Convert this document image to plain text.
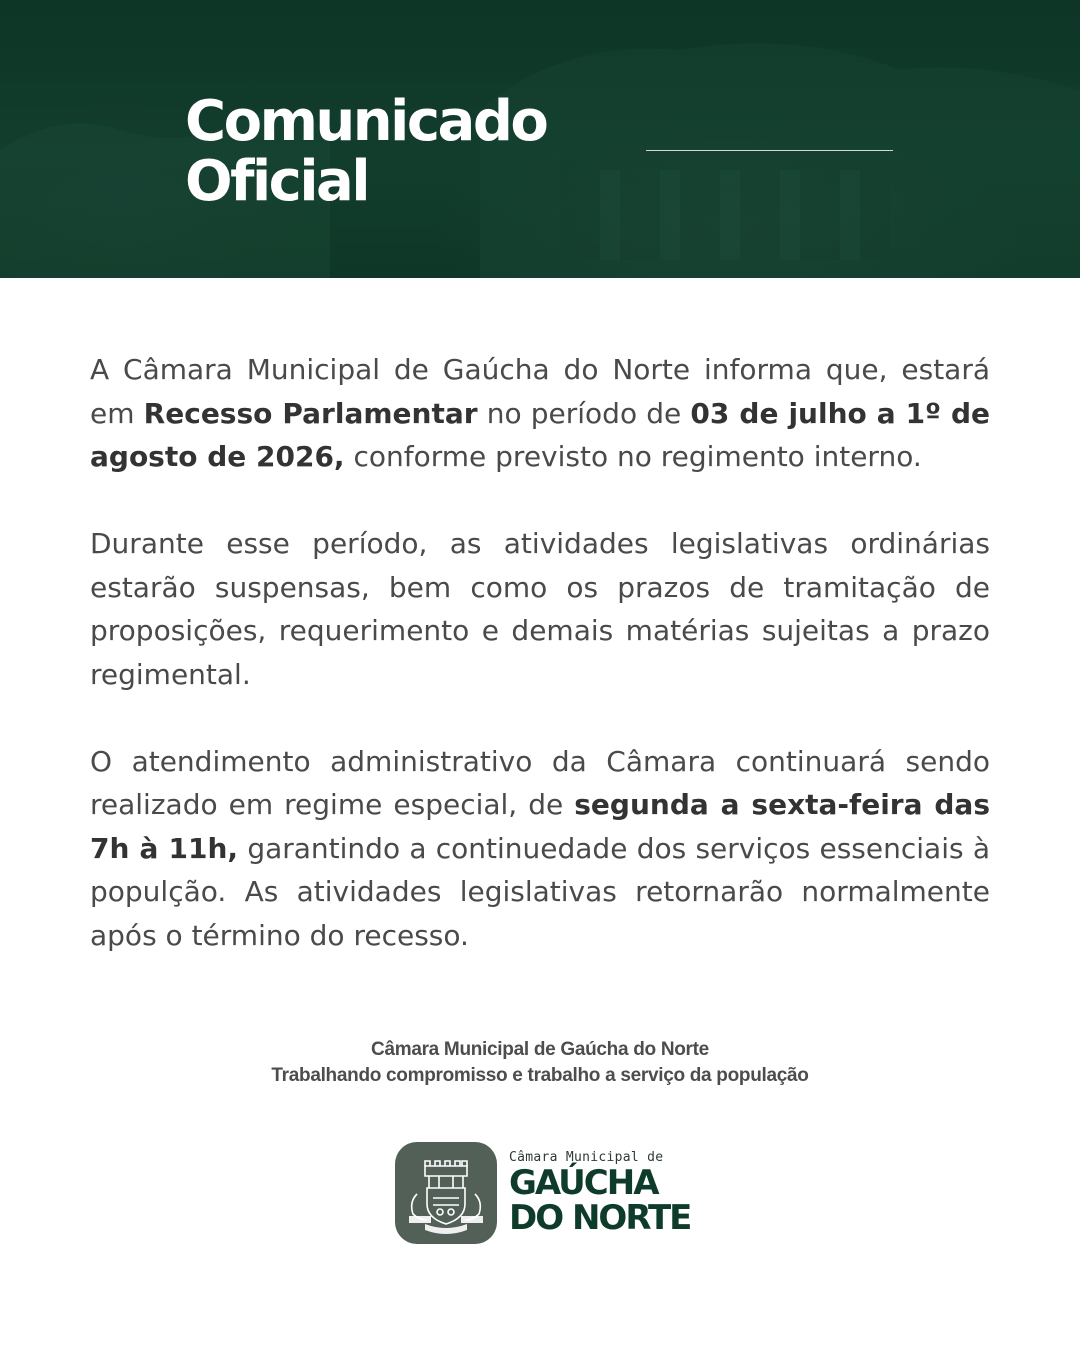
Comunicado
Oficial

A Câmara Municipal de Gaúcha do Norte informa que, estará em Recesso Parlamentar no período de 03 de julho a 1º de agosto de 2026, conforme previsto no regimento interno.

Durante esse período, as atividades legislativas ordinárias estarão suspensas, bem como os prazos de tramitação de proposições, requerimento e demais matérias sujeitas a prazo regimental.

O atendimento administrativo da Câmara continuará sendo realizado em regime especial, de segunda a sexta-feira das 7h à 11h, garantindo a continuedade dos serviços essenciais à populção. As atividades legislativas retornarão normalmente após o término do recesso.

Câmara Municipal de Gaúcha do Norte
Trabalhando compromisso e trabalho a serviço da população
Câmara Municipal de
GAÚCHA
DO NORTE
